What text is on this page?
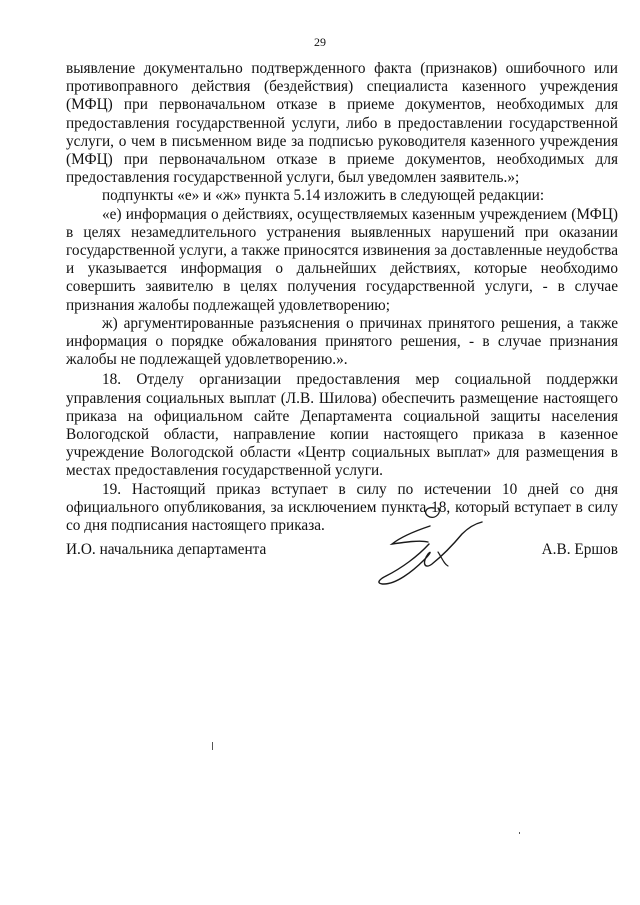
29

выявление документально подтвержденного факта (признаков) ошибочного или противоправного действия (бездействия) специалиста казенного учреждения (МФЦ) при первоначальном отказе в приеме документов, необходимых для предоставления государственной услуги, либо в предоставлении государственной услуги, о чем в письменном виде за подписью руководителя казенного учреждения (МФЦ) при первоначальном отказе в приеме документов, необходимых для предоставления государственной услуги, был уведомлен заявитель.»;

подпункты «е» и «ж» пункта 5.14 изложить в следующей редакции:

«е) информация о действиях, осуществляемых казенным учреждением (МФЦ) в целях незамедлительного устранения выявленных нарушений при оказании государственной услуги, а также приносятся извинения за доставленные неудобства и указывается информация о дальнейших действиях, которые необходимо совершить заявителю в целях получения государственной услуги, - в случае признания жалобы подлежащей удовлетворению;

ж) аргументированные разъяснения о причинах принятого решения, а также информация о порядке обжалования принятого решения, - в случае признания жалобы не подлежащей удовлетворению.».

18. Отделу организации предоставления мер социальной поддержки управления социальных выплат (Л.В. Шилова) обеспечить размещение настоящего приказа на официальном сайте Департамента социальной защиты населения Вологодской области, направление копии настоящего приказа в казенное учреждение Вологодской области «Центр социальных выплат» для размещения в местах предоставления государственной услуги.

19. Настоящий приказ вступает в силу по истечении 10 дней со дня официального опубликования, за исключением пункта 18, который вступает в силу со дня подписания настоящего приказа.

И.О. начальника департамента	А.В. Ершов
